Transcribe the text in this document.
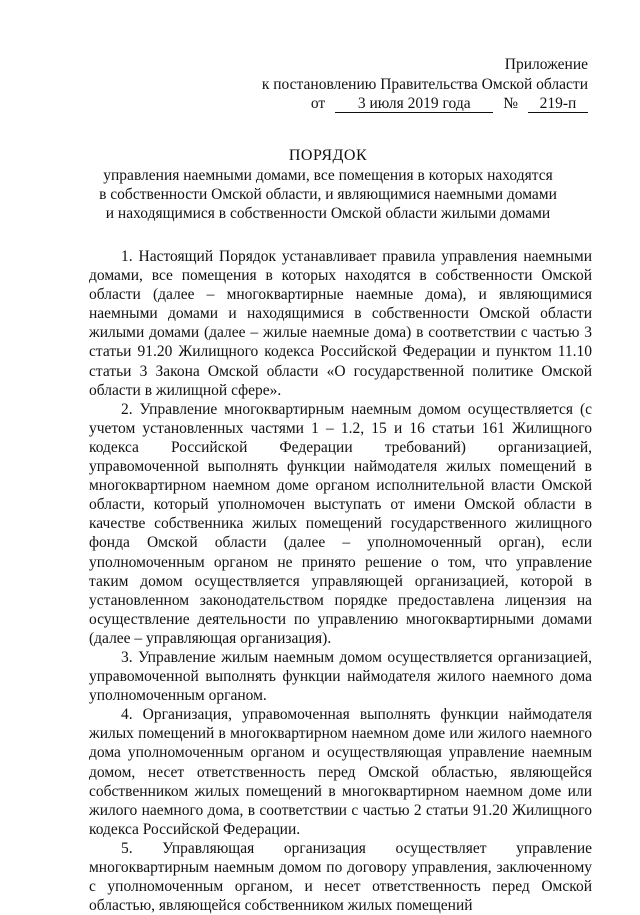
Приложение
к постановлению Правительства Омской области
от 3 июля 2019 года № 219-п
ПОРЯДОК
управления наемными домами, все помещения в которых находятся
в собственности Омской области, и являющимися наемными домами
и находящимися в собственности Омской области жилыми домами

1. Настоящий Порядок устанавливает правила управления наемными домами, все помещения в которых находятся в собственности Омской области (далее – многоквартирные наемные дома), и являющимися наемными домами и находящимися в собственности Омской области жилыми домами (далее – жилые наемные дома) в соответствии с частью 3 статьи 91.20 Жилищного кодекса Российской Федерации и пунктом 11.10 статьи 3 Закона Омской области «О государственной политике Омской области в жилищной сфере».

2. Управление многоквартирным наемным домом осуществляется (с учетом установленных частями 1 – 1.2, 15 и 16 статьи 161 Жилищного кодекса Российской Федерации требований) организацией, управомоченной выполнять функции наймодателя жилых помещений в многоквартирном наемном доме органом исполнительной власти Омской области, который уполномочен выступать от имени Омской области в качестве собственника жилых помещений государственного жилищного фонда Омской области (далее – уполномоченный орган), если уполномоченным органом не принято решение о том, что управление таким домом осуществляется управляющей организацией, которой в установленном законодательством порядке предоставлена лицензия на осуществление деятельности по управлению многоквартирными домами (далее – управляющая организация).

3. Управление жилым наемным домом осуществляется организацией, управомоченной выполнять функции наймодателя жилого наемного дома уполномоченным органом.

4. Организация, управомоченная выполнять функции наймодателя жилых помещений в многоквартирном наемном доме или жилого наемного дома уполномоченным органом и осуществляющая управление наемным домом, несет ответственность перед Омской областью, являющейся собственником жилых помещений в многоквартирном наемном доме или жилого наемного дома, в соответствии с частью 2 статьи 91.20 Жилищного кодекса Российской Федерации.

5. Управляющая организация осуществляет управление многоквартирным наемным домом по договору управления, заключенному с уполномоченным органом, и несет ответственность перед Омской областью, являющейся собственником жилых помещений
